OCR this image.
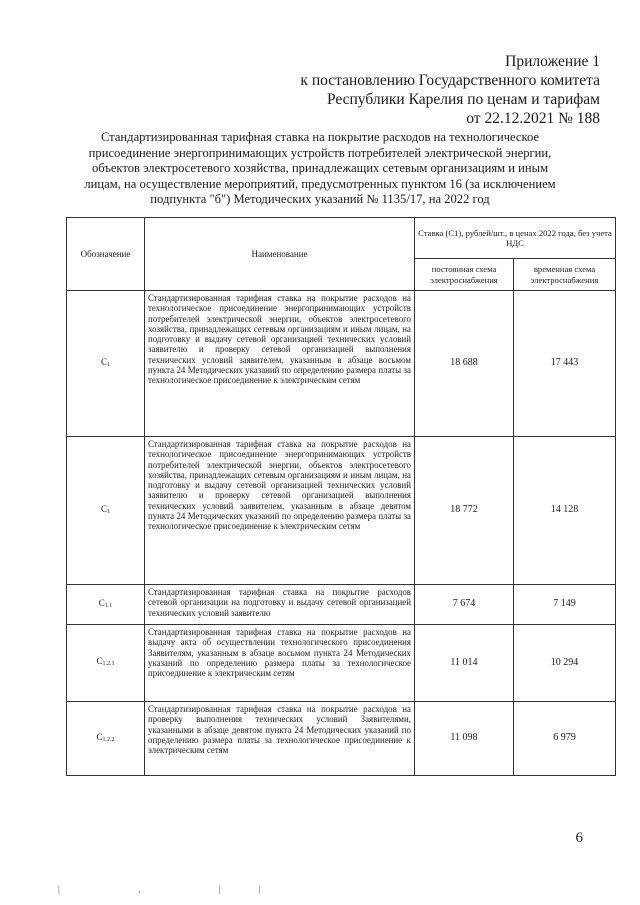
Приложение 1
к постановлению Государственного комитета
Республики Карелия по ценам и тарифам
от 22.12.2021 № 188
Стандартизированная тарифная ставка на покрытие расходов на технологическое
присоединение энергопринимающих устройств потребителей электрической энергии,
объектов электросетевого хозяйства, принадлежащих сетевым организациям и иным
лицам, на осуществление мероприятий, предусмотренных пунктом 16 (за исключением
подпункта "б") Методических указаний № 1135/17, на 2022 год
Обозначение	Наименование	Ставка (С1), рублей/шт., в ценах 2022 года, без учета НДС	
		постоянная схема электроснабжения	временная схема электроснабжения
C1	Стандартизированная тарифная ставка на покрытие расходов на технологическое присоединение энергопринимающих устройств потребителей электрической энергии, объектов электросетевого хозяйства, принадлежащих сетевым организациям и иным лицам, на подготовку и выдачу сетевой организацией технических условий заявителю и проверку сетевой организацией выполнения технических условий заявителем, указанным в абзаце восьмом пункта 24 Методических указаний по определению размера платы за технологическое присоединение к электрическим сетям	18 688	17 443
C1	Стандартизированная тарифная ставка на покрытие расходов на технологическое присоединение энергопринимающих устройств потребителей электрической энергии, объектов электросетевого хозяйства, принадлежащих сетевым организациям и иным лицам, на подготовку и выдачу сетевой организацией технических условий заявителю и проверку сетевой организацией выполнения технических условий заявителем, указанным в абзаце девятом пункта 24 Методических указаний по определению размера платы за технологическое присоединение к электрическим сетям	18 772	14 128
C1.1	Стандартизированная тарифная ставка на покрытие расходов сетевой организации на подготовку и выдачу сетевой организацией технических условий заявителю	7 674	7 149
C1.2.1	Стандартизированная тарифная ставка на покрытие расходов на выдачу акта об осуществлении технологического присоединения Заявителям, указанным в абзаце восьмом пункта 24 Методических указаний по определению размера платы за технологическое присоединение к электрическим сетям	11 014	10 294
C1.2.2	Стандартизированная тарифная ставка на покрытие расходов на проверку выполнения технических условий Заявителями, указанными в абзаце девятом пункта 24 Методических указаний по определению размера платы за технологическое присоединение к электрическим сетям	11 098	6 979
6
| , ||
